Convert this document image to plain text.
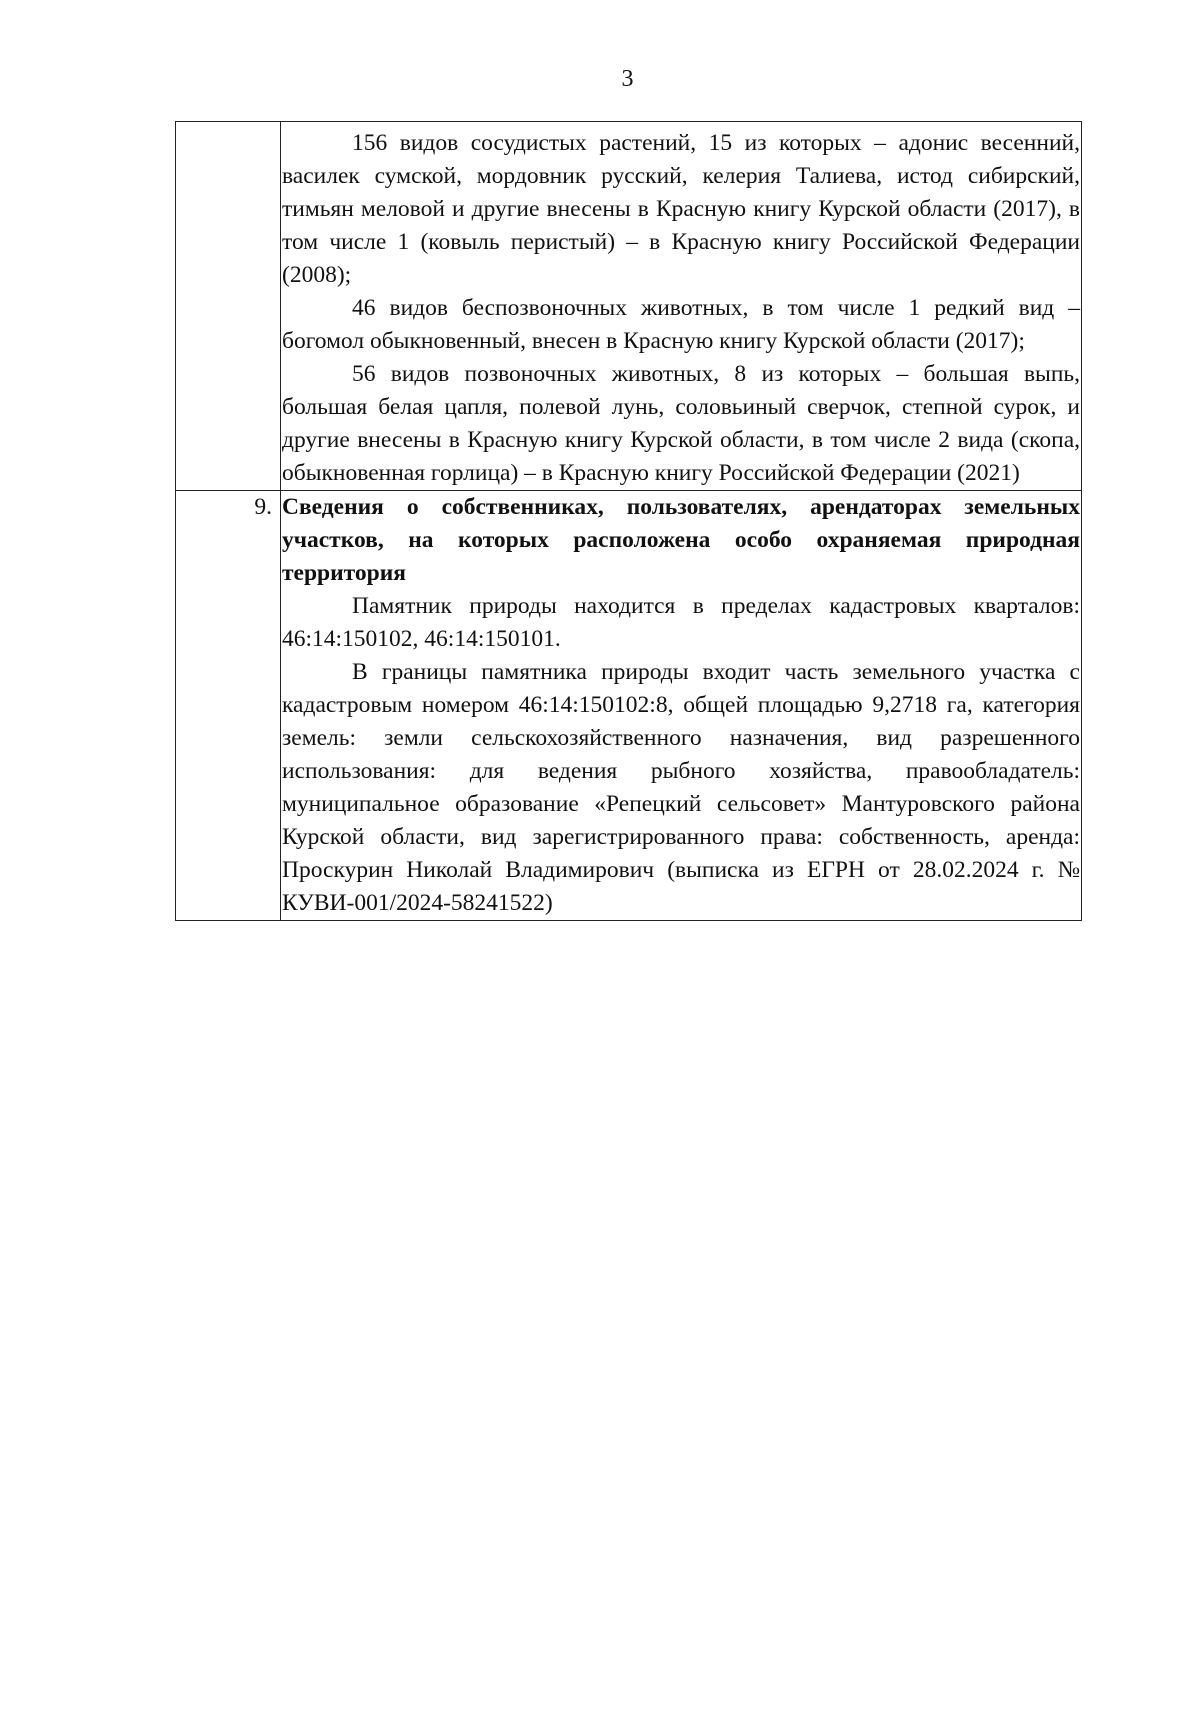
3

	156 видов сосудистых растений, 15 из которых – адонис весенний, василек сумской, мордовник русский, келерия Талиева, истод сибирский, тимьян меловой и другие внесены в Красную книгу Курской области (2017), в том числе 1 (ковыль перистый) – в Красную книгу Российской Федерации (2008);

46 видов беспозвоночных животных, в том числе 1 редкий вид – богомол обыкновенный, внесен в Красную книгу Курской области (2017);

56 видов позвоночных животных, 8 из которых – большая выпь, большая белая цапля, полевой лунь, соловьиный сверчок, степной сурок, и другие внесены в Красную книгу Курской области, в том числе 2 вида (скопа, обыкновенная горлица) – в Красную книгу Российской Федерации (2021)

9.	Сведения о собственниках, пользователях, арендаторах земельных участков, на которых расположена особо охраняемая природная территория

Памятник природы находится в пределах кадастровых кварталов: 46:14:150102, 46:14:150101.

В границы памятника природы входит часть земельного участка с кадастровым номером 46:14:150102:8, общей площадью 9,2718 га, категория земель: земли сельскохозяйственного назначения, вид разрешенного использования: для ведения рыбного хозяйства, правообладатель: муниципальное образование «Репецкий сельсовет» Мантуровского района Курской области, вид зарегистрированного права: собственность, аренда: Проскурин Николай Владимирович (выписка из ЕГРН от 28.02.2024 г. № КУВИ-001/2024-58241522)
